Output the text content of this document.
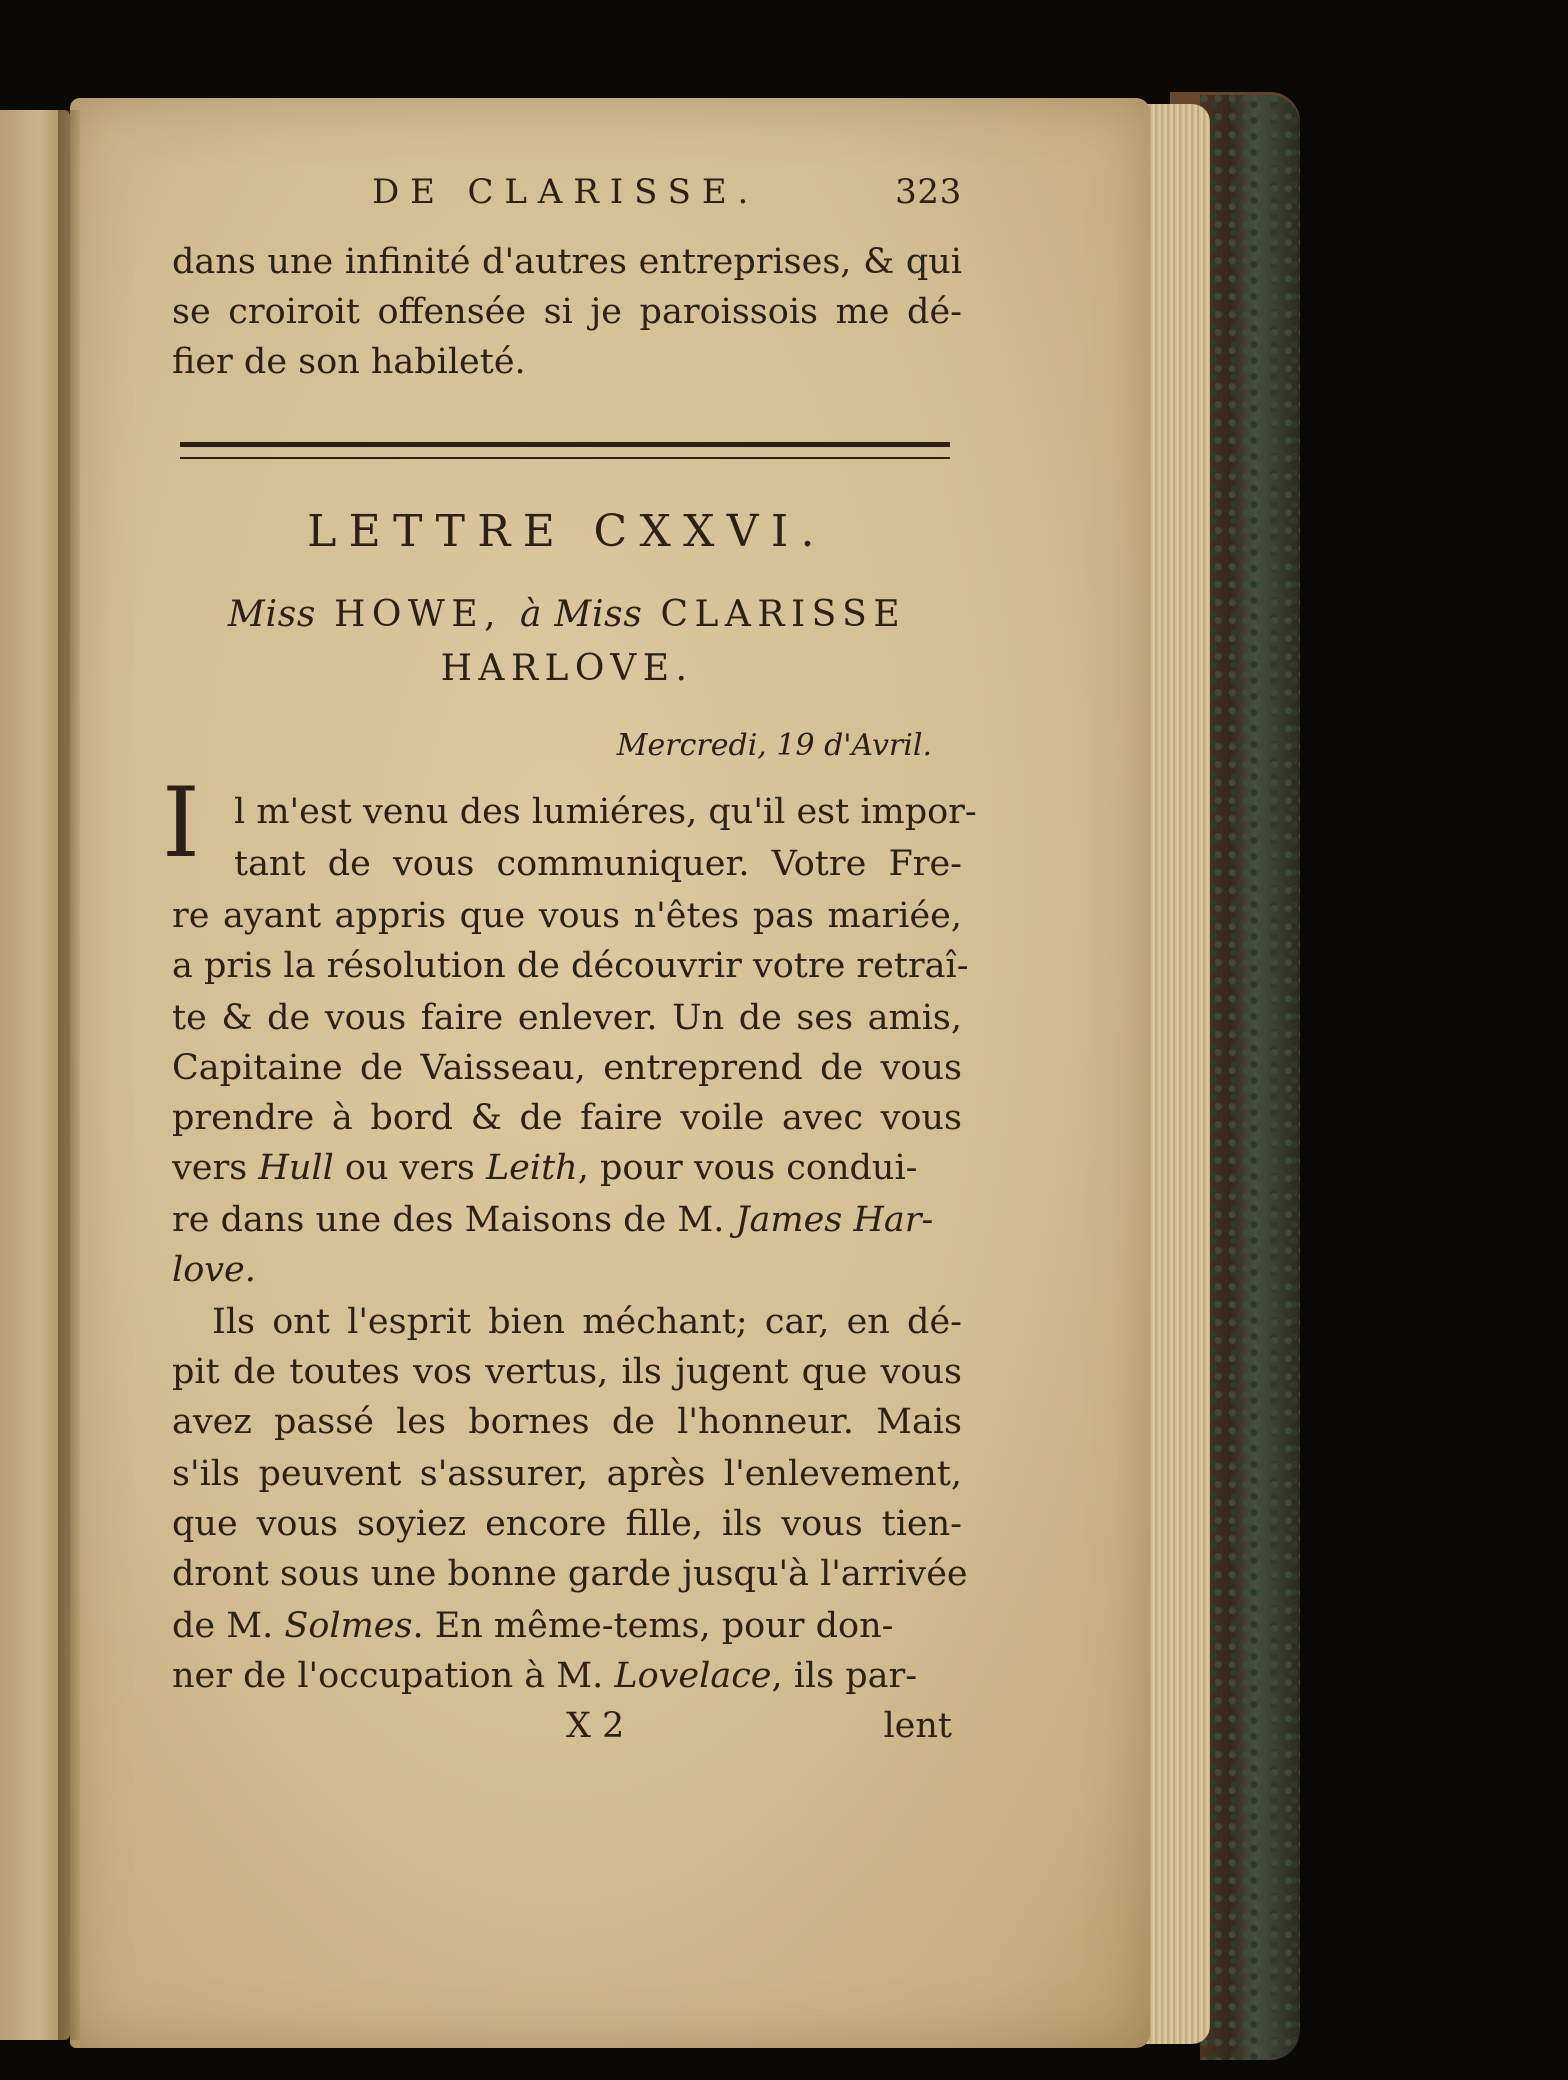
DE CLARISSE.	323
dans une infinité d'autres entreprises, & qui
se croiroit offensée si je paroissois me dé-
fier de son habileté.
LETTRE CXXVI.
Miss HOWE, à Miss CLARISSE
HARLOVE.
Mercredi, 19 d'Avril.
I l m'est venu des lumiéres, qu'il est impor-
tant de vous communiquer. Votre Fre-
re ayant appris que vous n'êtes pas mariée,
a pris la résolution de découvrir votre retraî-
te & de vous faire enlever. Un de ses amis,
Capitaine de Vaisseau, entreprend de vous
prendre à bord & de faire voile avec vous
vers Hull ou vers Leith, pour vous condui-
re dans une des Maisons de M. James Har-
love.
Ils ont l'esprit bien méchant; car, en dé-
pit de toutes vos vertus, ils jugent que vous
avez passé les bornes de l'honneur. Mais
s'ils peuvent s'assurer, après l'enlevement,
que vous soyiez encore fille, ils vous tien-
dront sous une bonne garde jusqu'à l'arrivée
de M. Solmes. En même-tems, pour don-
ner de l'occupation à M. Lovelace, ils par-
X 2	lent
